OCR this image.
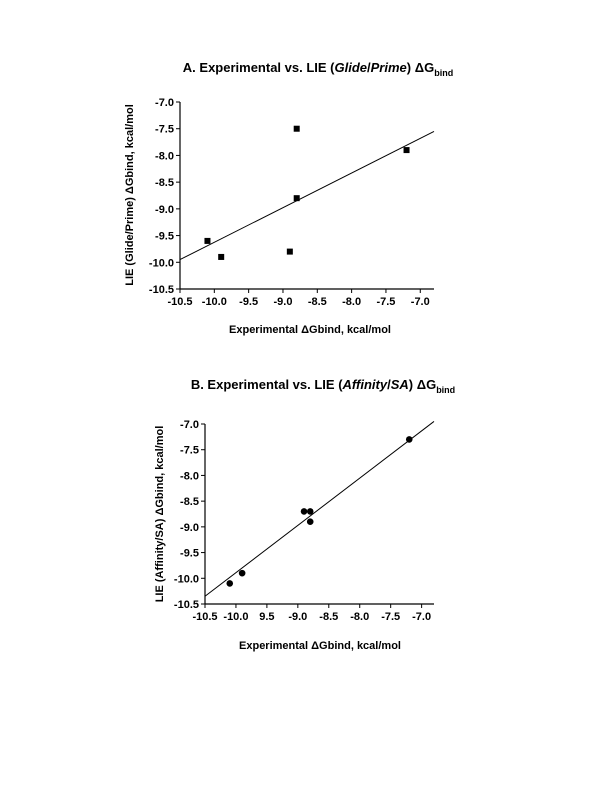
A. Experimental vs. LIE (Glide/Prime) $\Delta G_{bind}$
-10.5 -10.0 -9.5 -9.0 -8.5 -8.0 -7.5 -7.0
-7.0
-7.5
-8.0
-8.5
-9.0
-9.5
-10.0
-10.5
Experimental ΔGbind, kcal/mol
LIE (Glide/Prime) ΔGbind, kcal/mol
B. Experimental vs. LIE (Affinity/SA) $\Delta G_{bind}$
-10.5 -10.0 9.5 -9.0 -8.5 -8.0 -7.5 -7.0
-7.0
-7.5
-8.0
-8.5
-9.0
-9.5
-10.0
-10.5
Experimental ΔGbind, kcal/mol
LIE (Affinity/SA) ΔGbind, kcal/mol
